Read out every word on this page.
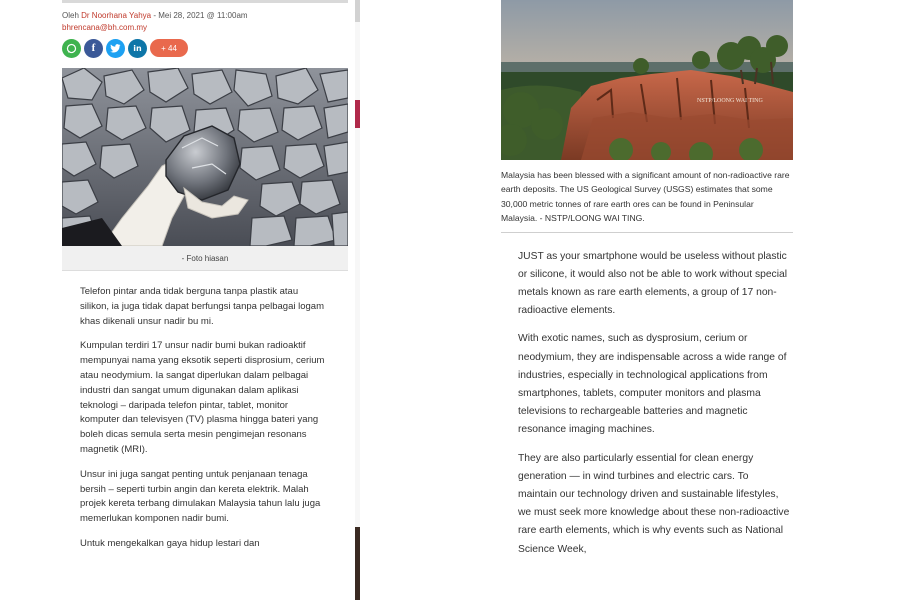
Oleh Dr Noorhana Yahya - Mei 28, 2021 @ 11:00am
bhrencana@bh.com.my
f	in + 44
- Foto hiasan

Telefon pintar anda tidak berguna tanpa plastik atau silikon, ia juga tidak dapat berfungsi tanpa pelbagai logam khas dikenali unsur nadir bu mi.

Kumpulan terdiri 17 unsur nadir bumi bukan radioaktif mempunyai nama yang eksotik seperti disprosium, cerium atau neodymium. Ia sangat diperlukan dalam pelbagai industri dan sangat umum digunakan dalam aplikasi teknologi – daripada telefon pintar, tablet, monitor komputer dan televisyen (TV) plasma hingga bateri yang boleh dicas semula serta mesin pengimejan resonans magnetik (MRI).

Unsur ini juga sangat penting untuk penjanaan tenaga bersih – seperti turbin angin dan kereta elektrik. Malah projek kereta terbang dimulakan Malaysia tahun lalu juga memerlukan komponen nadir bumi.

Untuk mengekalkan gaya hidup lestari dan

NSTP/LOONG WAI TING
Malaysia has been blessed with a significant amount of non-radioactive rare earth deposits. The US Geological Survey (USGS) estimates that some 30,000 metric tonnes of rare earth ores can be found in Peninsular Malaysia. - NSTP/LOONG WAI TING.

JUST as your smartphone would be useless without plastic or silicone, it would also not be able to work without special metals known as rare earth elements, a group of 17 non-radioactive elements.

With exotic names, such as dysprosium, cerium or neodymium, they are indispensable across a wide range of industries, especially in technological applications from smartphones, tablets, computer monitors and plasma televisions to rechargeable batteries and magnetic resonance imaging machines.

They are also particularly essential for clean energy generation — in wind turbines and electric cars. To maintain our technology driven and sustainable lifestyles, we must seek more knowledge about these non-radioactive rare earth elements, which is why events such as National Science Week,
